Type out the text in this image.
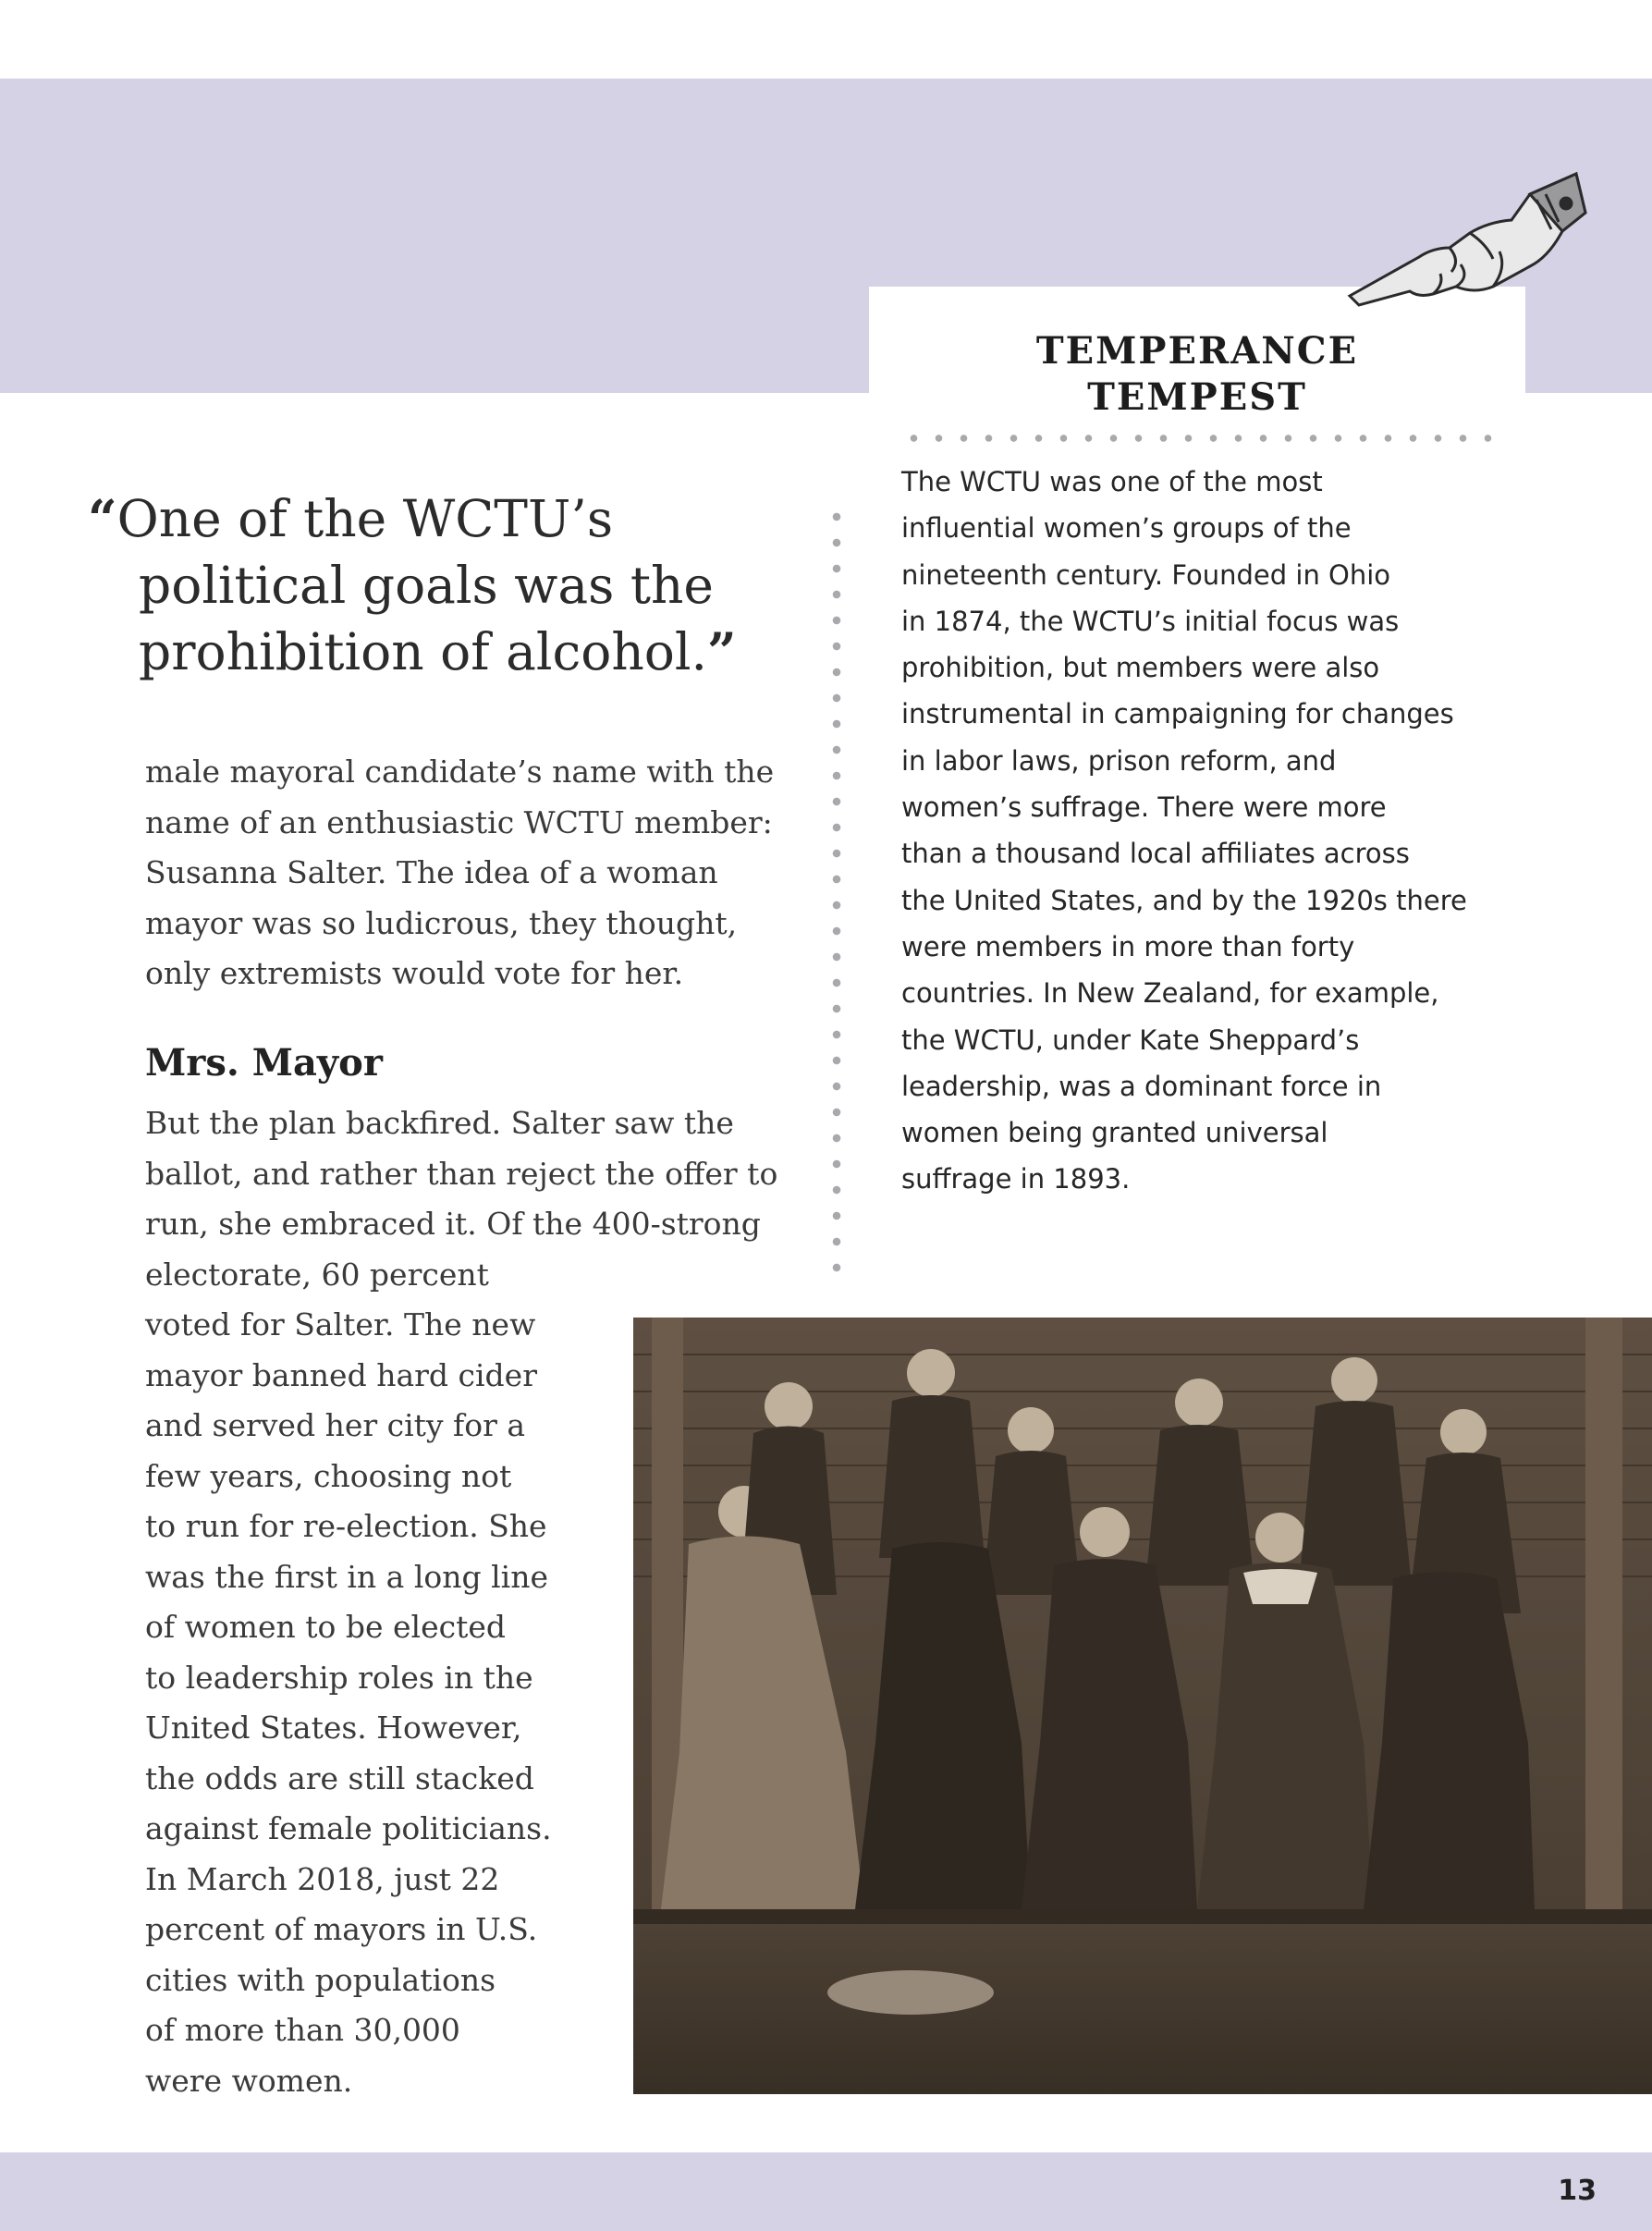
TEMPERANCE
TEMPEST

The WCTU was one of the most
influential women’s groups of the
nineteenth century. Founded in Ohio
in 1874, the WCTU’s initial focus was
prohibition, but members were also
instrumental in campaigning for changes
in labor laws, prison reform, and
women’s suffrage. There were more
than a thousand local affiliates across
the United States, and by the 1920s there
were members in more than forty
countries. In New Zealand, for example,
the WCTU, under Kate Sheppard’s
leadership, was a dominant force in
women being granted universal
suffrage in 1893.

“One of the WCTU’s
political goals was the
prohibition of alcohol.”

male mayoral candidate’s name with the
name of an enthusiastic WCTU member:
Susanna Salter. The idea of a woman
mayor was so ludicrous, they thought,
only extremists would vote for her.

Mrs. Mayor

But the plan backfired. Salter saw the
ballot, and rather than reject the offer to
run, she embraced it. Of the 400-strong
electorate, 60 percent
voted for Salter. The new
mayor banned hard cider
and served her city for a
few years, choosing not
to run for re-election. She
was the first in a long line
of women to be elected
to leadership roles in the
United States. However,
the odds are still stacked
against female politicians.
In March 2018, just 22
percent of mayors in U.S.
cities with populations
of more than 30,000
were women.

13
